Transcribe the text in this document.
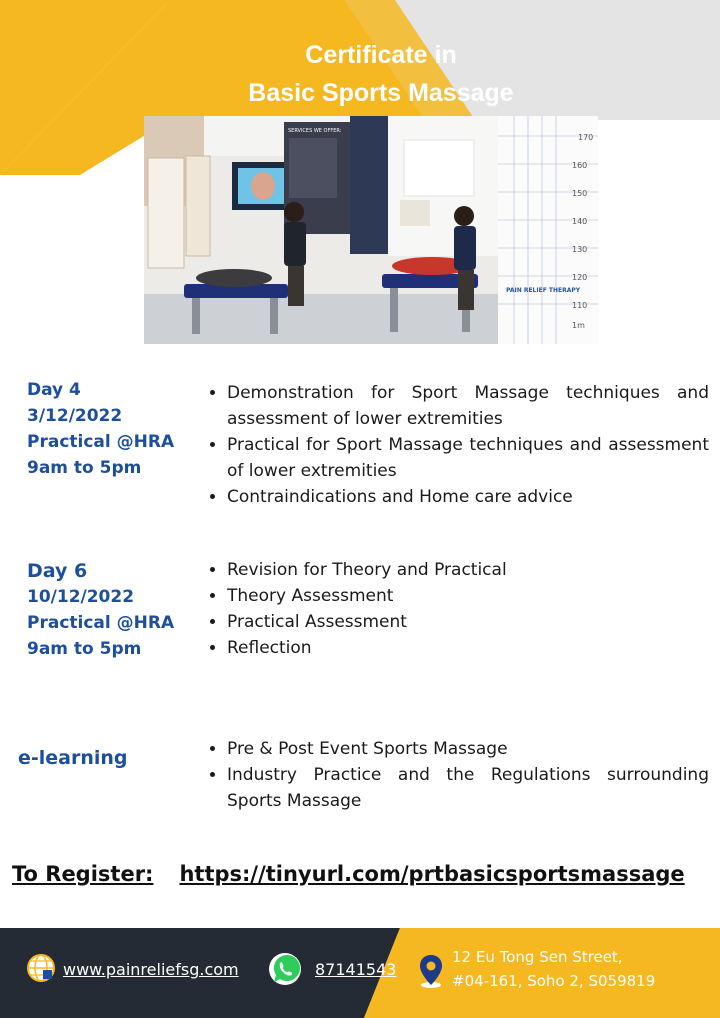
Certificate in
Basic Sports Massage
SERVICES WE OFFER:
170
160
150
140
130
120
110
1m
PAIN RELIEF THERAPY
Day 4
3/12/2022
Practical @HRA
9am to 5pm
• Demonstration for Sport Massage techniques and assessment of lower extremities
• Practical for Sport Massage techniques and assessment of lower extremities
• Contraindications and Home care advice
Day 6
10/12/2022
Practical @HRA
9am to 5pm
• Revision for Theory and Practical
• Theory Assessment
• Practical Assessment
• Reflection
e-learning
•	Pre & Post Event Sports Massage
• Industry Practice and the Regulations surrounding Sports Massage
To Register: https://tinyurl.com/prtbasicsportsmassage
www.painreliefsg.com	87141543
12 Eu Tong Sen Street,
#04-161, Soho 2, S059819
